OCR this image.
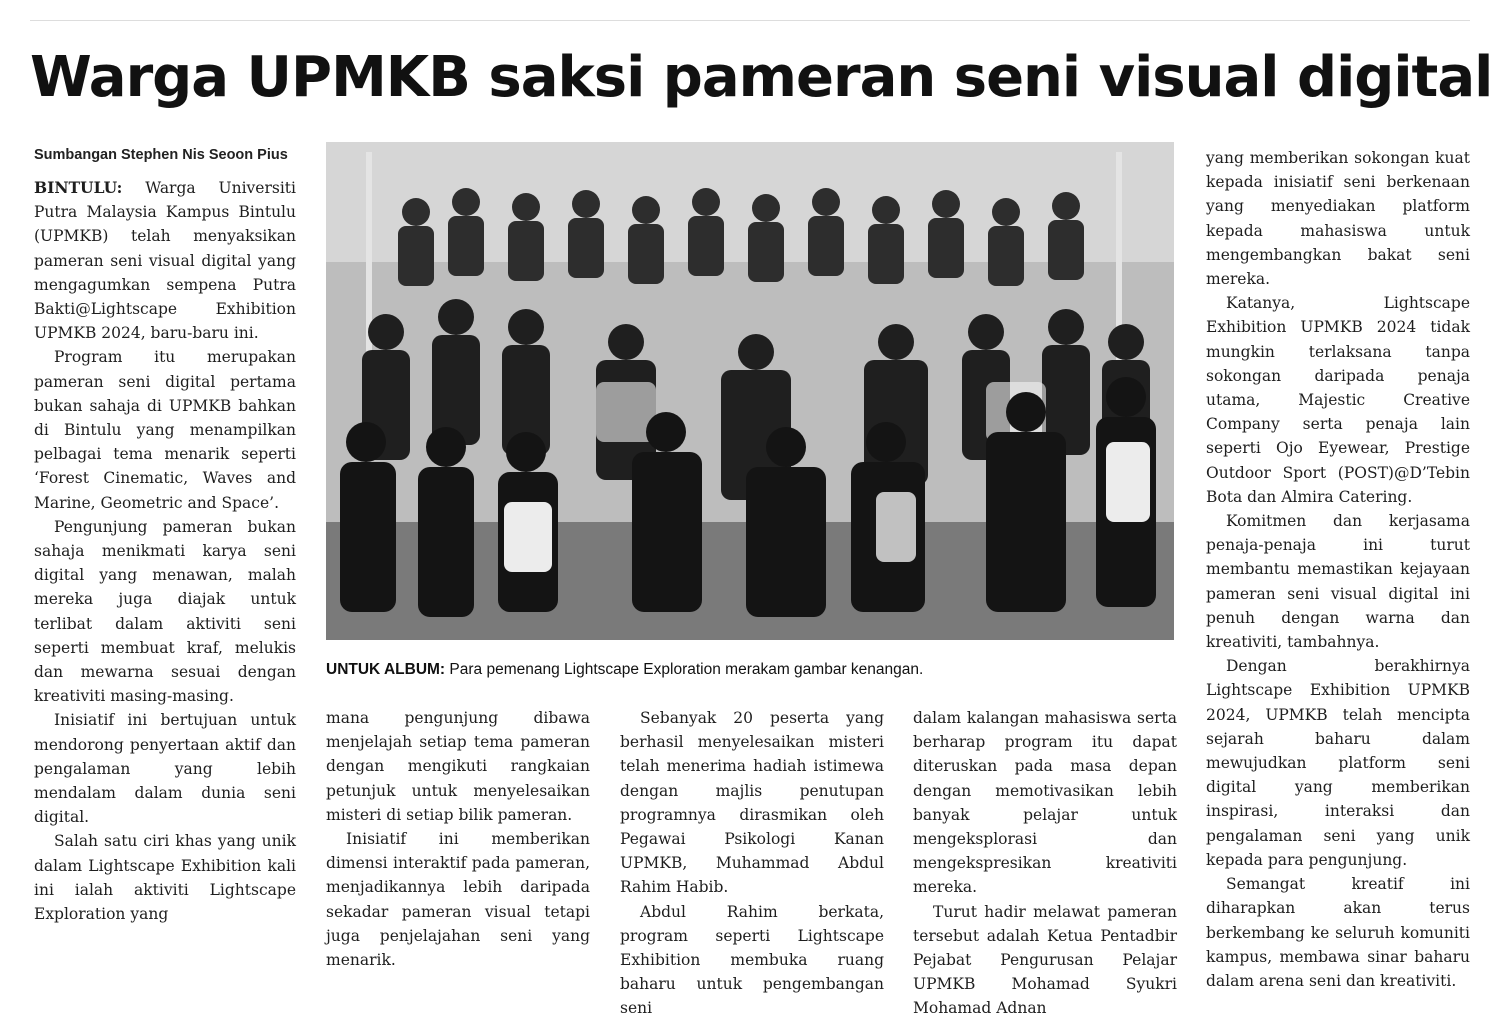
Warga UPMKB saksi pameran seni visual digital
Sumbangan Stephen Nis Seoon Pius

BINTULU: Warga Universiti Putra Malaysia Kampus Bintulu (UPMKB) telah menyaksikan pameran seni visual digital yang mengagumkan sempena Putra Bakti@Lightscape Exhibition UPMKB 2024, baru-baru ini.

Program itu merupakan pameran seni digital pertama bukan sahaja di UPMKB bahkan di Bintulu yang menampilkan pelbagai tema menarik seperti ‘Forest Cinematic, Waves and Marine, Geometric and Space’.

Pengunjung pameran bukan sahaja menikmati karya seni digital yang menawan, malah mereka juga diajak untuk terlibat dalam aktiviti seni seperti membuat kraf, melukis dan mewarna sesuai dengan kreativiti masing-masing.

Inisiatif ini bertujuan untuk mendorong penyertaan aktif dan pengalaman yang lebih mendalam dalam dunia seni digital.

Salah satu ciri khas yang unik dalam Lightscape Exhibition kali ini ialah aktiviti Lightscape Exploration yang

UNTUK ALBUM: Para pemenang Lightscape Exploration merakam gambar kenangan.

mana pengunjung dibawa menjelajah setiap tema pameran dengan mengikuti rangkaian petunjuk untuk menyelesaikan misteri di setiap bilik pameran.

Inisiatif ini memberikan dimensi interaktif pada pameran, menjadikannya lebih daripada sekadar pameran visual tetapi juga penjelajahan seni yang menarik.

Sebanyak 20 peserta yang berhasil menyelesaikan misteri telah menerima hadiah istimewa dengan majlis penutupan programnya dirasmikan oleh Pegawai Psikologi Kanan UPMKB, Muhammad Abdul Rahim Habib.

Abdul Rahim berkata, program seperti Lightscape Exhibition membuka ruang baharu untuk pengembangan seni

dalam kalangan mahasiswa serta berharap program itu dapat diteruskan pada masa depan dengan memotivasikan lebih banyak pelajar untuk mengeksplorasi dan mengekspresikan kreativiti mereka.

Turut hadir melawat pameran tersebut adalah Ketua Pentadbir Pejabat Pengurusan Pelajar UPMKB Mohamad Syukri Mohamad Adnan

yang memberikan sokongan kuat kepada inisiatif seni berkenaan yang menyediakan platform kepada mahasiswa untuk mengembangkan bakat seni mereka.

Katanya, Lightscape Exhibition UPMKB 2024 tidak mungkin terlaksana tanpa sokongan daripada penaja utama, Majestic Creative Company serta penaja lain seperti Ojo Eyewear, Prestige Outdoor Sport (POST)@D’Tebin Bota dan Almira Catering.

Komitmen dan kerjasama penaja-penaja ini turut membantu memastikan kejayaan pameran seni visual digital ini penuh dengan warna dan kreativiti, tambahnya.

Dengan berakhirnya Lightscape Exhibition UPMKB 2024, UPMKB telah mencipta sejarah baharu dalam mewujudkan platform seni digital yang memberikan inspirasi, interaksi dan pengalaman seni yang unik kepada para pengunjung.

Semangat kreatif ini diharapkan akan terus berkembang ke seluruh komuniti kampus, membawa sinar baharu dalam arena seni dan kreativiti.
